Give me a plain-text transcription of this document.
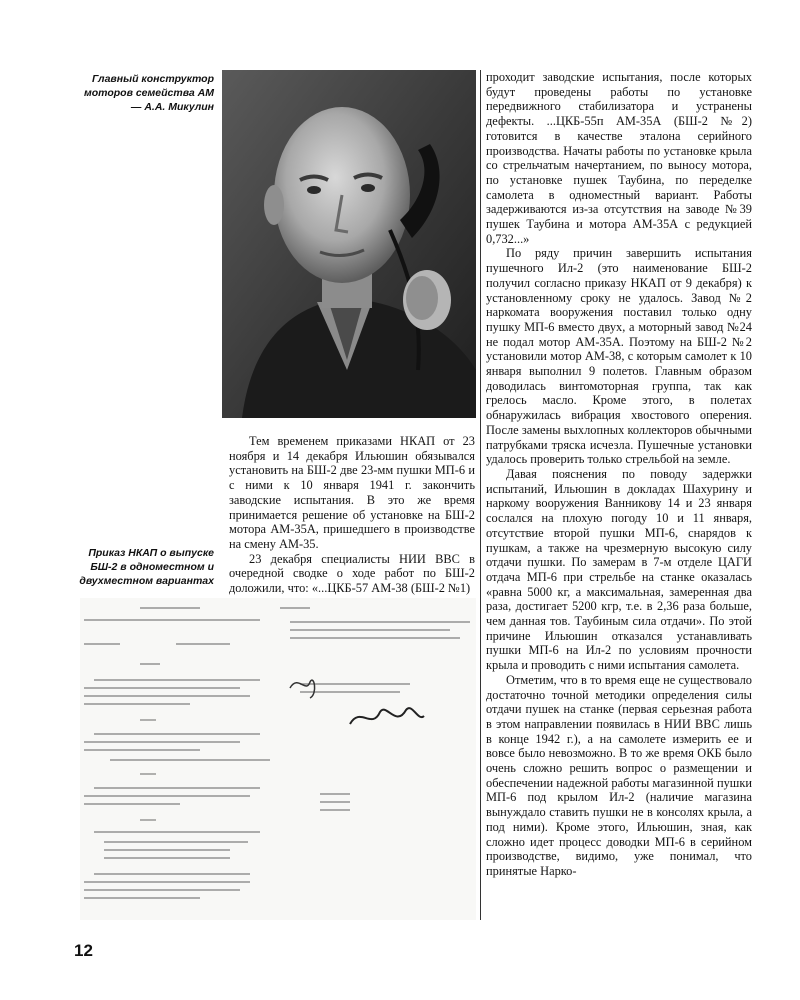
Главный конструктор моторов семейства АМ — А.А. Микулин

Тем временем приказами НКАП от 23 ноября и 14 декабря Ильюшин обязывался установить на БШ-2 две 23-мм пушки МП-6 и с ними к 10 января 1941 г. закончить заводские испытания. В это же время принимается решение об установке на БШ-2 мотора АМ-35А, пришедшего в производстве на смену АМ-35.

23 декабря специалисты НИИ ВВС в очередной сводке о ходе работ по БШ-2 доложили, что: «...ЦКБ-57 АМ-38 (БШ-2 №1)

Приказ НКАП о выпуске БШ-2 в одноместном и двухместном вариантах

проходит заводские испытания, после которых будут проведены работы по установке передвижного стабилизатора и устранены дефекты. ...ЦКБ-55п АМ-35А (БШ-2 №2) готовится в качестве эталона серийного производства. Начаты работы по установке крыла со стрельчатым начертанием, по выносу мотора, по установке пушек Таубина, по переделке самолета в одноместный вариант. Работы задерживаются из-за отсутствия на заводе №39 пушек Таубина и мотора АМ-35А с редукцией 0,732...»

По ряду причин завершить испытания пушечного Ил-2 (это наименование БШ-2 получил согласно приказу НКАП от 9 декабря) к установленному сроку не удалось. Завод №2 наркомата вооружения поставил только одну пушку МП-6 вместо двух, а моторный завод №24 не подал мотор АМ-35А. Поэтому на БШ-2 №2 установили мотор АМ-38, с которым самолет к 10 января выполнил 9 полетов. Главным образом доводилась винтомоторная группа, так как грелось масло. Кроме этого, в полетах обнаружилась вибрация хвостового оперения. После замены выхлопных коллекторов обычными патрубками тряска исчезла. Пушечные установки удалось проверить только стрельбой на земле.

Давая пояснения по поводу задержки испытаний, Ильюшин в докладах Шахурину и наркому вооружения Ванникову 14 и 23 января сослался на плохую погоду 10 и 11 января, отсутствие второй пушки МП-6, снарядов к пушкам, а также на чрезмерную высокую силу отдачи пушки. По замерам в 7-м отделе ЦАГИ отдача МП-6 при стрельбе на станке оказалась «равна 5000 кг, а максимальная, замеренная два раза, достигает 5200 кгр, т.е. в 2,36 раза больше, чем данная тов. Таубиным сила отдачи». По этой причине Ильюшин отказался устанавливать пушки МП-6 на Ил-2 по условиям прочности крыла и проводить с ними испытания самолета.

Отметим, что в то время еще не существовало достаточно точной методики определения силы отдачи пушек на станке (первая серьезная работа в этом направлении появилась в НИИ ВВС лишь в конце 1942 г.), а на самолете измерить ее и вовсе было невозможно. В то же время ОКБ было очень сложно решить вопрос о размещении и обеспечении надежной работы магазинной пушки МП-6 под крылом Ил-2 (наличие магазина вынуждало ставить пушки не в консолях крыла, а под ними). Кроме этого, Ильюшин, зная, как сложно идет процесс доводки МП-6 в серийном производстве, видимо, уже понимал, что принятые Нарко-

12
